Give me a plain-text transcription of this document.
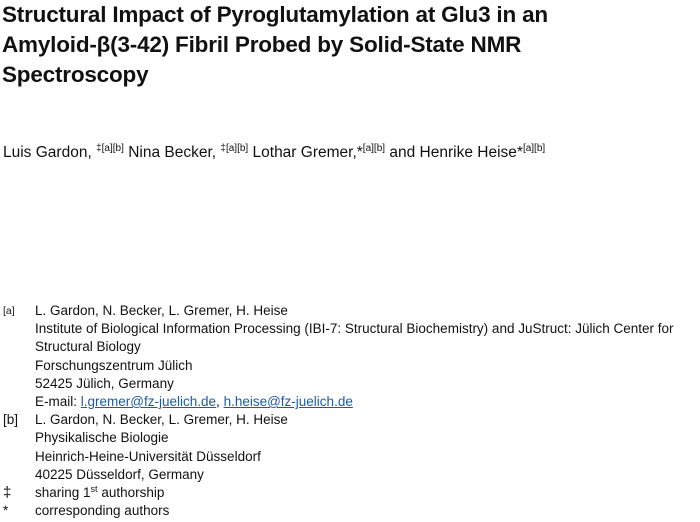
Structural Impact of Pyroglutamylation at Glu3 in an
Amyloid-β(3-42) Fibril Probed by Solid-State NMR
Spectroscopy
Luis Gardon, $^{\ddagger[a][b]}$ Nina Becker, $^{\ddagger[a][b]}$ Lothar Gremer,*[a][b] and Henrike Heise*[a][b]
[a]	L. Gardon, N. Becker, L. Gremer, H. Heise
Institute of Biological Information Processing (IBI-7: Structural Biochemistry) and JuStruct: Jülich Center for
Structural Biology
Forschungszentrum Jülich
52425 Jülich, Germany
E-mail: l.gremer@fz-juelich.de, h.heise@fz-juelich.de
[b]	L. Gardon, N. Becker, L. Gremer, H. Heise
Physikalische Biologie
Heinrich-Heine-Universität Düsseldorf
40225 Düsseldorf, Germany
‡	sharing 1st authorship
*	corresponding authors
